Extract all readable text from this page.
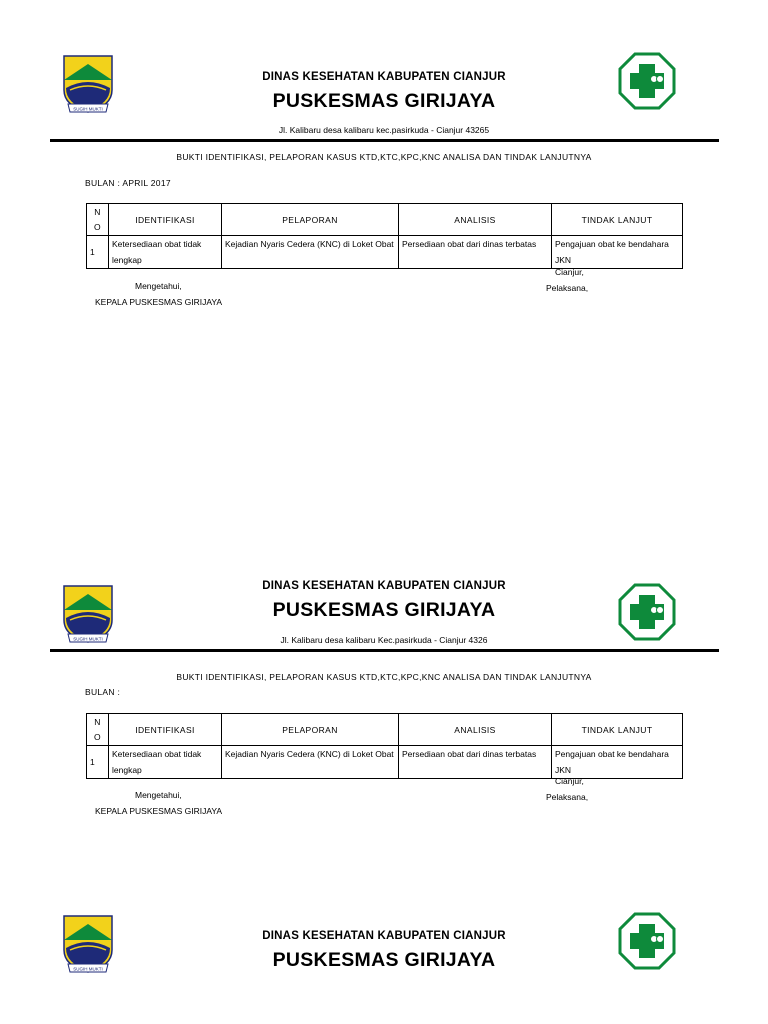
SUGIH MUKTI
DINAS KESEHATAN KABUPATEN CIANJUR
PUSKESMAS GIRIJAYA
Jl. Kalibaru desa kalibaru kec.pasirkuda - Cianjur 43265
BUKTI IDENTIFIKASI, PELAPORAN KASUS KTD,KTC,KPC,KNC ANALISA DAN TINDAK LANJUTNYA
BULAN : APRIL 2017
N
O	IDENTIFIKASI	PELAPORAN	ANALISIS	TINDAK LANJUT
1	Ketersediaan obat tidak lengkap	Kejadian Nyaris Cedera (KNC) di Loket Obat	Persediaan obat dari dinas terbatas	Pengajuan obat ke bendahara JKN
Cianjur,
Mengetahui,	Pelaksana,
KEPALA PUSKESMAS GIRIJAYA
SUGIH MUKTI
DINAS KESEHATAN KABUPATEN CIANJUR
PUSKESMAS GIRIJAYA
Jl. Kalibaru desa kalibaru Kec.pasirkuda - Cianjur 4326
BUKTI IDENTIFIKASI, PELAPORAN KASUS KTD,KTC,KPC,KNC ANALISA DAN TINDAK LANJUTNYA
BULAN :
N
O	IDENTIFIKASI	PELAPORAN	ANALISIS	TINDAK LANJUT
1	Ketersediaan obat tidak lengkap	Kejadian Nyaris Cedera (KNC) di Loket Obat	Persediaan obat dari dinas terbatas	Pengajuan obat ke bendahara JKN
Cianjur,
Mengetahui,	Pelaksana,
KEPALA PUSKESMAS GIRIJAYA
SUGIH MUKTI
DINAS KESEHATAN KABUPATEN CIANJUR
PUSKESMAS GIRIJAYA
